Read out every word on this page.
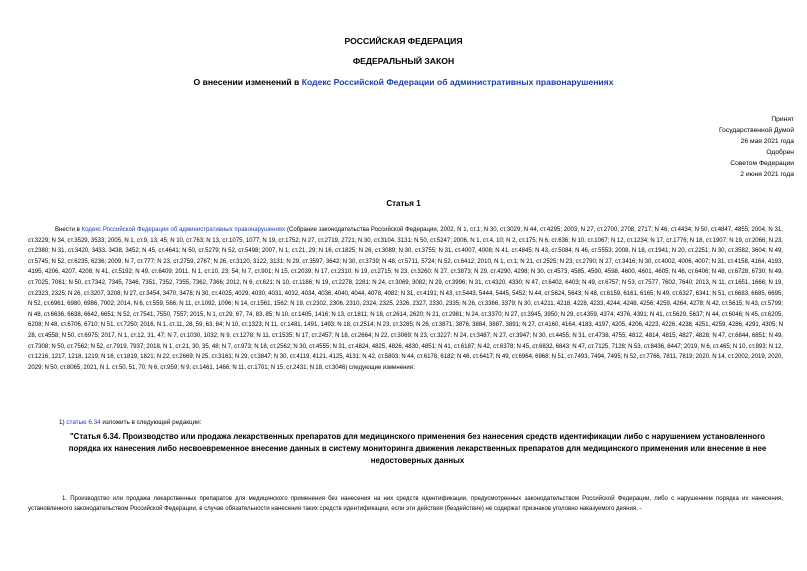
РОССИЙСКАЯ ФЕДЕРАЦИЯ
ФЕДЕРАЛЬНЫЙ ЗАКОН
О внесении изменений в Кодекс Российской Федерации об административных правонарушениях
Принят
Государственной Думой
26 мая 2021 года
Одобрен
Советом Федерации
2 июня 2021 года
Статья 1
Внести в Кодекс Российской Федерации об административных правонарушениях (Собрание законодательства Российской Федерации, 2002, N 1, ст.1; N 30, ст.3029; N 44, ст.4295; 2003, N 27, ст.2700, 2708, 2717; N 46, ст.4434; N 50, ст.4847, 4855; 2004, N 31, ст.3229; N 34, ст.3529, 3533; 2005, N 1, ст.9, 13, 45; N 10, ст.763; N 13, ст.1075, 1077; N 19, ст.1752; N 27, ст.2719, 2721; N 30, ст.3104, 3131; N 50, ст.5247; 2006, N 1, ст.4, 10; N 2, ст.175; N 6, ст.636; N 10, ст.1067; N 12, ст.1234; N 17, ст.1776; N 18, ст.1907; N 19, ст.2066; N 23, ст.2380; N 31, ст.3420, 3433, 3438, 3452; N 45, ст.4641; N 50, ст.5279; N 52, ст.5498; 2007, N 1, ст.21, 29; N 16, ст.1825; N 26, ст.3089; N 30, ст.3755; N 31, ст.4007, 4008; N 41, ст.4845; N 43, ст.5084; N 46, ст.5553; 2008, N 18, ст.1941; N 20, ст.2251; N 30, ст.3582, 3604; N 49, ст.5745; N 52, ст.6235, 6236; 2009, N 7, ст.777; N 23, ст.2759, 2767; N 26, ст.3120, 3122, 3131; N 29, ст.3597, 3642; N 30, ст.3739; N 48, ст.5711, 5724; N 52, ст.6412; 2010, N 1, ст.1; N 21, ст.2525; N 23, ст.2790; N 27, ст.3416; N 30, ст.4002, 4006, 4007; N 31, ст.4158, 4164, 4193, 4195, 4206, 4207, 4208; N 41, ст.5192; N 49, ст.6409; 2011, N 1, ст.10, 23, 54; N 7, ст.901; N 15, ст.2039; N 17, ст.2310; N 19, ст.2715; N 23, ст.3260; N 27, ст.3873; N 29, ст.4290, 4298; N 30, ст.4573, 4585, 4590, 4598, 4600, 4601, 4605; N 46, ст.6406; N 48, ст.6728, 6730; N 49, ст.7025, 7061; N 50, ст.7342, 7345, 7346, 7351, 7352, 7355, 7362, 7366; 2012, N 6, ст.621; N 10, ст.1166; N 19, ст.2278, 2281; N 24, ст.3069, 3082; N 29, ст.3996; N 31, ст.4320, 4330; N 47, ст.6402, 6403; N 49, ст.6757; N 53, ст.7577, 7602, 7640; 2013, N 11, ст.1651, 1666; N 19, ст.2323, 2325; N 26, ст.3207, 3208; N 27, ст.3454, 3470, 3478; N 30, ст.4025, 4029, 4030, 4031, 4032, 4034, 4036, 4040, 4044, 4078, 4082; N 31, ст.4191; N 43, ст.5443, 5444, 5445, 5452; N 44, ст.5624, 5643; N 48, ст.6159, 6161, 6165; N 49, ст.6327, 6341; N 51, ст.6683, 6685, 6695; N 52, ст.6961, 6980, 6986, 7002; 2014, N 6, ст.559, 566; N 11, ст.1092, 1096; N 14, ст.1561, 1562; N 19, ст.2302, 2306, 2310, 2324, 2325, 2326, 2327, 2330, 2335; N 26, ст.3366, 3379; N 30, ст.4211, 4218, 4228, 4233, 4244, 4248, 4256, 4259, 4264, 4278; N 42, ст.5615; N 43, ст.5799; N 48, ст.6636, 6638, 6642, 6651; N 52, ст.7541, 7550, 7557; 2015, N 1, ст.29, 67, 74, 83, 85; N 10, ст.1405, 1416; N 13, ст.1811; N 18, ст.2614, 2620; N 21, ст.2981; N 24, ст.3370; N 27, ст.3945, 3950; N 29, ст.4359, 4374, 4376, 4391; N 41, ст.5629, 5637; N 44, ст.6046; N 45, ст.6205, 6208; N 48, ст.6706, 6710; N 51, ст.7250; 2016, N 1, ст.11, 28, 59, 63, 84; N 10, ст.1323; N 11, ст.1481, 1491, 1493; N 18, ст.2514; N 23, ст.3285; N 26, ст.3871, 3876, 3884, 3887, 3891; N 27, ст.4160, 4164, 4183, 4197, 4205, 4206, 4223, 4226, 4238, 4251, 4259, 4286, 4291, 4305; N 28, ст.4558; N 50, ст.6975; 2017, N 1, ст.12, 31, 47; N 7, ст.1030, 1032; N 9, ст.1278; N 11, ст.1535; N 17, ст.2457; N 18, ст.2664; N 22, ст.3069; N 23, ст.3227; N 24, ст.3487; N 27, ст.3947; N 30, ст.4455; N 31, ст.4738, 4755, 4812, 4814, 4815, 4827, 4828; N 47, ст.6844, 6851; N 49, ст.7308; N 50, ст.7562; N 52, ст.7919, 7937; 2018, N 1, ст.21, 30, 35, 48; N 7, ст.973; N 18, ст.2562; N 30, ст.4555; N 31, ст.4824, 4825, 4826, 4830, 4851; N 41, ст.6187; N 42, ст.6378; N 45, ст.6832, 6843; N 47, ст.7125, 7128; N 53, ст.8436, 8447; 2019, N 6, ст.465; N 10, ст.893; N 12, ст.1216, 1217, 1218, 1219; N 16, ст.1819, 1821; N 22, ст.2669; N 25, ст.3161; N 29, ст.3847; N 30, ст.4119, 4121, 4125, 4131; N 42, ст.5803; N 44, ст.6178, 6182; N 46, ст.6417; N 49, ст.6964, 6968; N 51, ст.7493, 7494, 7495; N 52, ст.7766, 7811, 7819; 2020, N 14, ст.2002, 2019, 2020, 2029; N 50, ст.8065; 2021, N 1, ст.50, 51, 70; N 6, ст.959; N 9, ст.1461, 1466; N 11, ст.1701; N 15, ст.2431; N 18, ст.3046) следующие изменения:
1) статью 6.34 изложить в следующей редакции:
"Статья 6.34. Производство или продажа лекарственных препаратов для медицинского применения без нанесения средств идентификации либо с нарушением установленного порядка их нанесения либо несвоевременное внесение данных в систему мониторинга движения лекарственных препаратов для медицинского применения или внесение в нее недостоверных данных
1. Производство или продажа лекарственных препаратов для медицинского применения без нанесения на них средств идентификации, предусмотренных законодательством Российской Федерации, либо с нарушением порядка их нанесения, установленного законодательством Российской Федерации, в случае обязательности нанесения таких средств идентификации, если эти действия (бездействие) не содержат признаков уголовно наказуемого деяния, -
